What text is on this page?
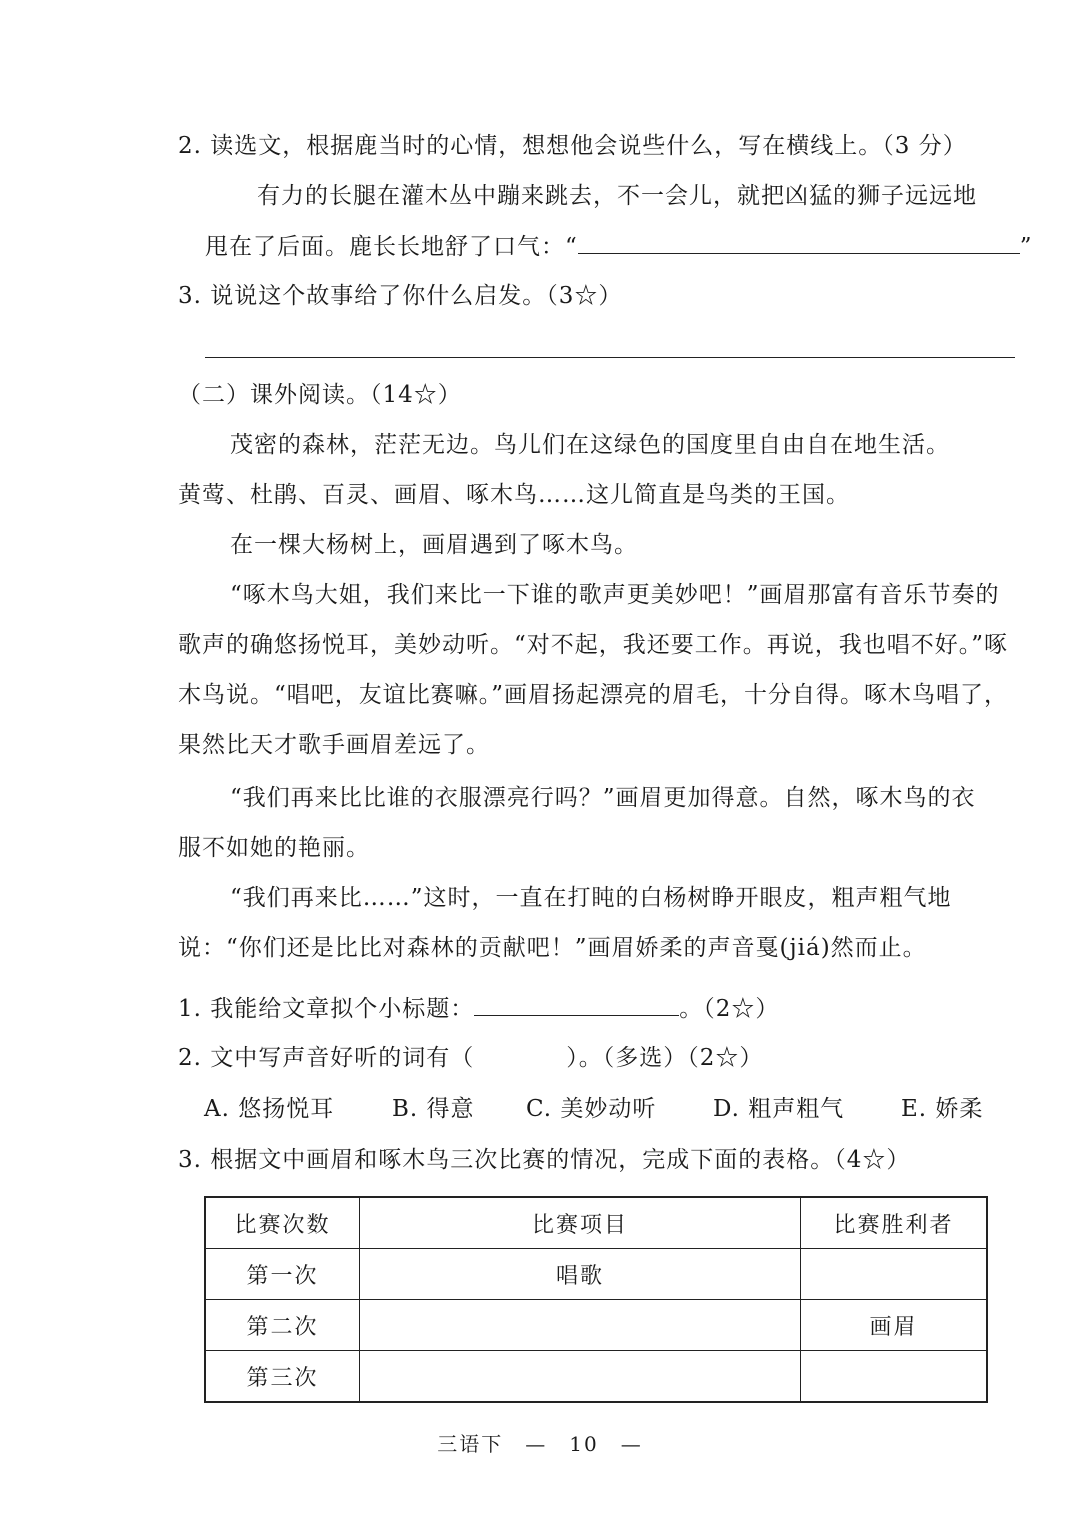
2. 读选文，根据鹿当时的心情，想想他会说些什么，写在横线上。（3 分）
有力的长腿在灌木丛中蹦来跳去，不一会儿，就把凶猛的狮子远远地
甩在了后面。鹿长长地舒了口气：“	”
3. 说说这个故事给了你什么启发。（3☆）
（二）课外阅读。（14☆）
茂密的森林，茫茫无边。鸟儿们在这绿色的国度里自由自在地生活。
黄莺、杜鹃、百灵、画眉、啄木鸟……这儿简直是鸟类的王国。
在一棵大杨树上，画眉遇到了啄木鸟。
“啄木鸟大姐，我们来比一下谁的歌声更美妙吧！”画眉那富有音乐节奏的
歌声的确悠扬悦耳，美妙动听。“对不起，我还要工作。再说，我也唱不好。”啄
木鸟说。“唱吧，友谊比赛嘛。”画眉扬起漂亮的眉毛，十分自得。啄木鸟唱了，
果然比天才歌手画眉差远了。
“我们再来比比谁的衣服漂亮行吗？”画眉更加得意。自然，啄木鸟的衣
服不如她的艳丽。
“我们再来比……”这时，一直在打盹的白杨树睁开眼皮，粗声粗气地
说：“你们还是比比对森林的贡献吧！”画眉娇柔的声音戛(jiá)然而止。
1. 我能给文章拟个小标题：	。（2☆）
2. 文中写声音好听的词有（	）。（多选）（2☆）
A. 悠扬悦耳	B. 得意 C. 美妙动听 D. 粗声粗气 E. 娇柔
3. 根据文中画眉和啄木鸟三次比赛的情况，完成下面的表格。（4☆）
比赛次数	比赛项目	比赛胜利者
第一次	唱歌	
第二次		画眉
第三次		
三语下　—　10　—
